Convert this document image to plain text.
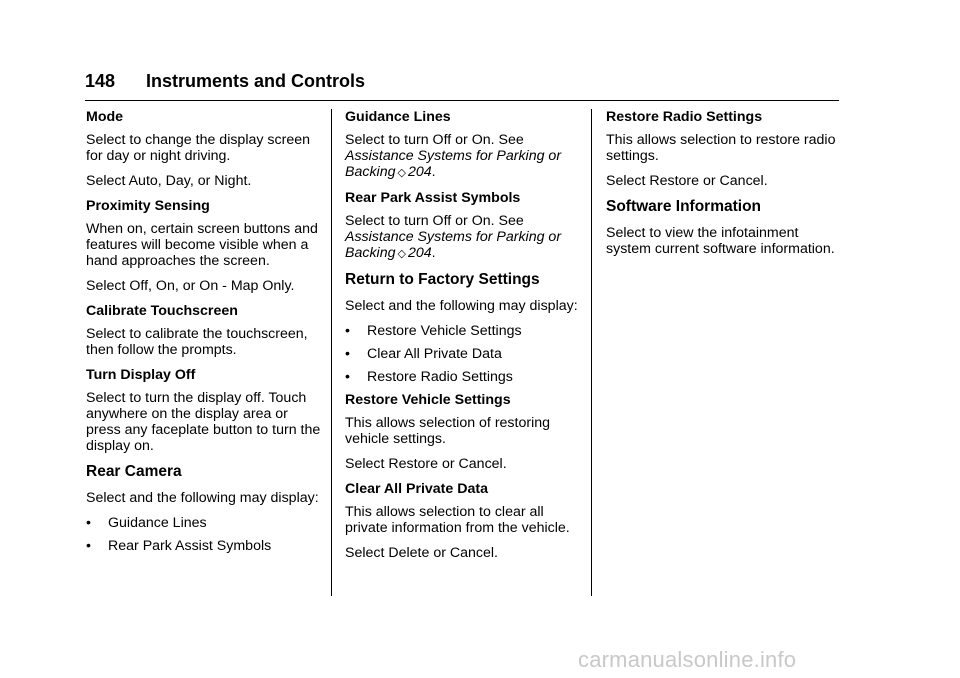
148 Instruments and Controls

Mode

Select to change the display screen for day or night driving.

Select Auto, Day, or Night.

Proximity Sensing

When on, certain screen buttons and features will become visible when a hand approaches the screen.

Select Off, On, or On - Map Only.

Calibrate Touchscreen

Select to calibrate the touchscreen, then follow the prompts.

Turn Display Off

Select to turn the display off. Touch anywhere on the display area or press any faceplate button to turn the display on.

Rear Camera

Select and the following may display:

• Guidance Lines
• Rear Park Assist Symbols

Guidance Lines

Select to turn Off or On. See
Assistance Systems for Parking or Backing ◇ 204.

Rear Park Assist Symbols

Select to turn Off or On. See
Assistance Systems for Parking or Backing ◇ 204.

Return to Factory Settings

Select and the following may display:

• Restore Vehicle Settings
• Clear All Private Data
• Restore Radio Settings

Restore Vehicle Settings

This allows selection of restoring vehicle settings.

Select Restore or Cancel.

Clear All Private Data

This allows selection to clear all private information from the vehicle.

Select Delete or Cancel.

Restore Radio Settings

This allows selection to restore radio settings.

Select Restore or Cancel.

Software Information

Select to view the infotainment system current software information.

carmanualsonline.info
